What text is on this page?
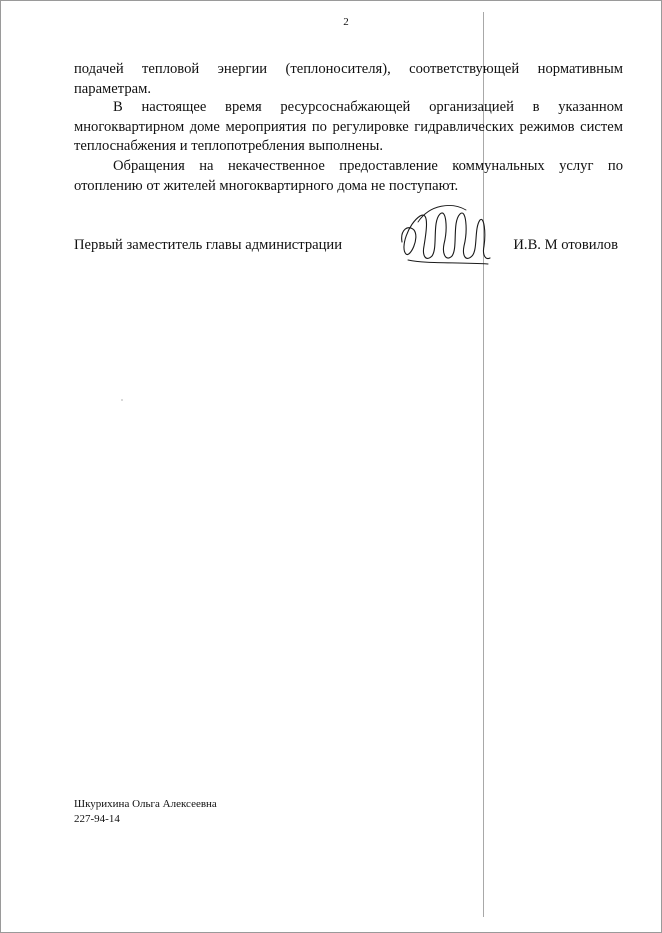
2

подачей тепловой энергии (теплоносителя), соответствующей нормативным параметрам.

В настоящее время ресурсоснабжающей организацией в указанном многоквартирном доме мероприятия по регулировке гидравлических режимов систем теплоснабжения и теплопотребления выполнены.

Обращения на некачественное предоставление коммунальных услуг по отоплению от жителей многоквартирного дома не поступают.

Первый заместитель главы администрации	И.В. М отовилов
Шкурихина Ольга Алексеевна
227-94-14
